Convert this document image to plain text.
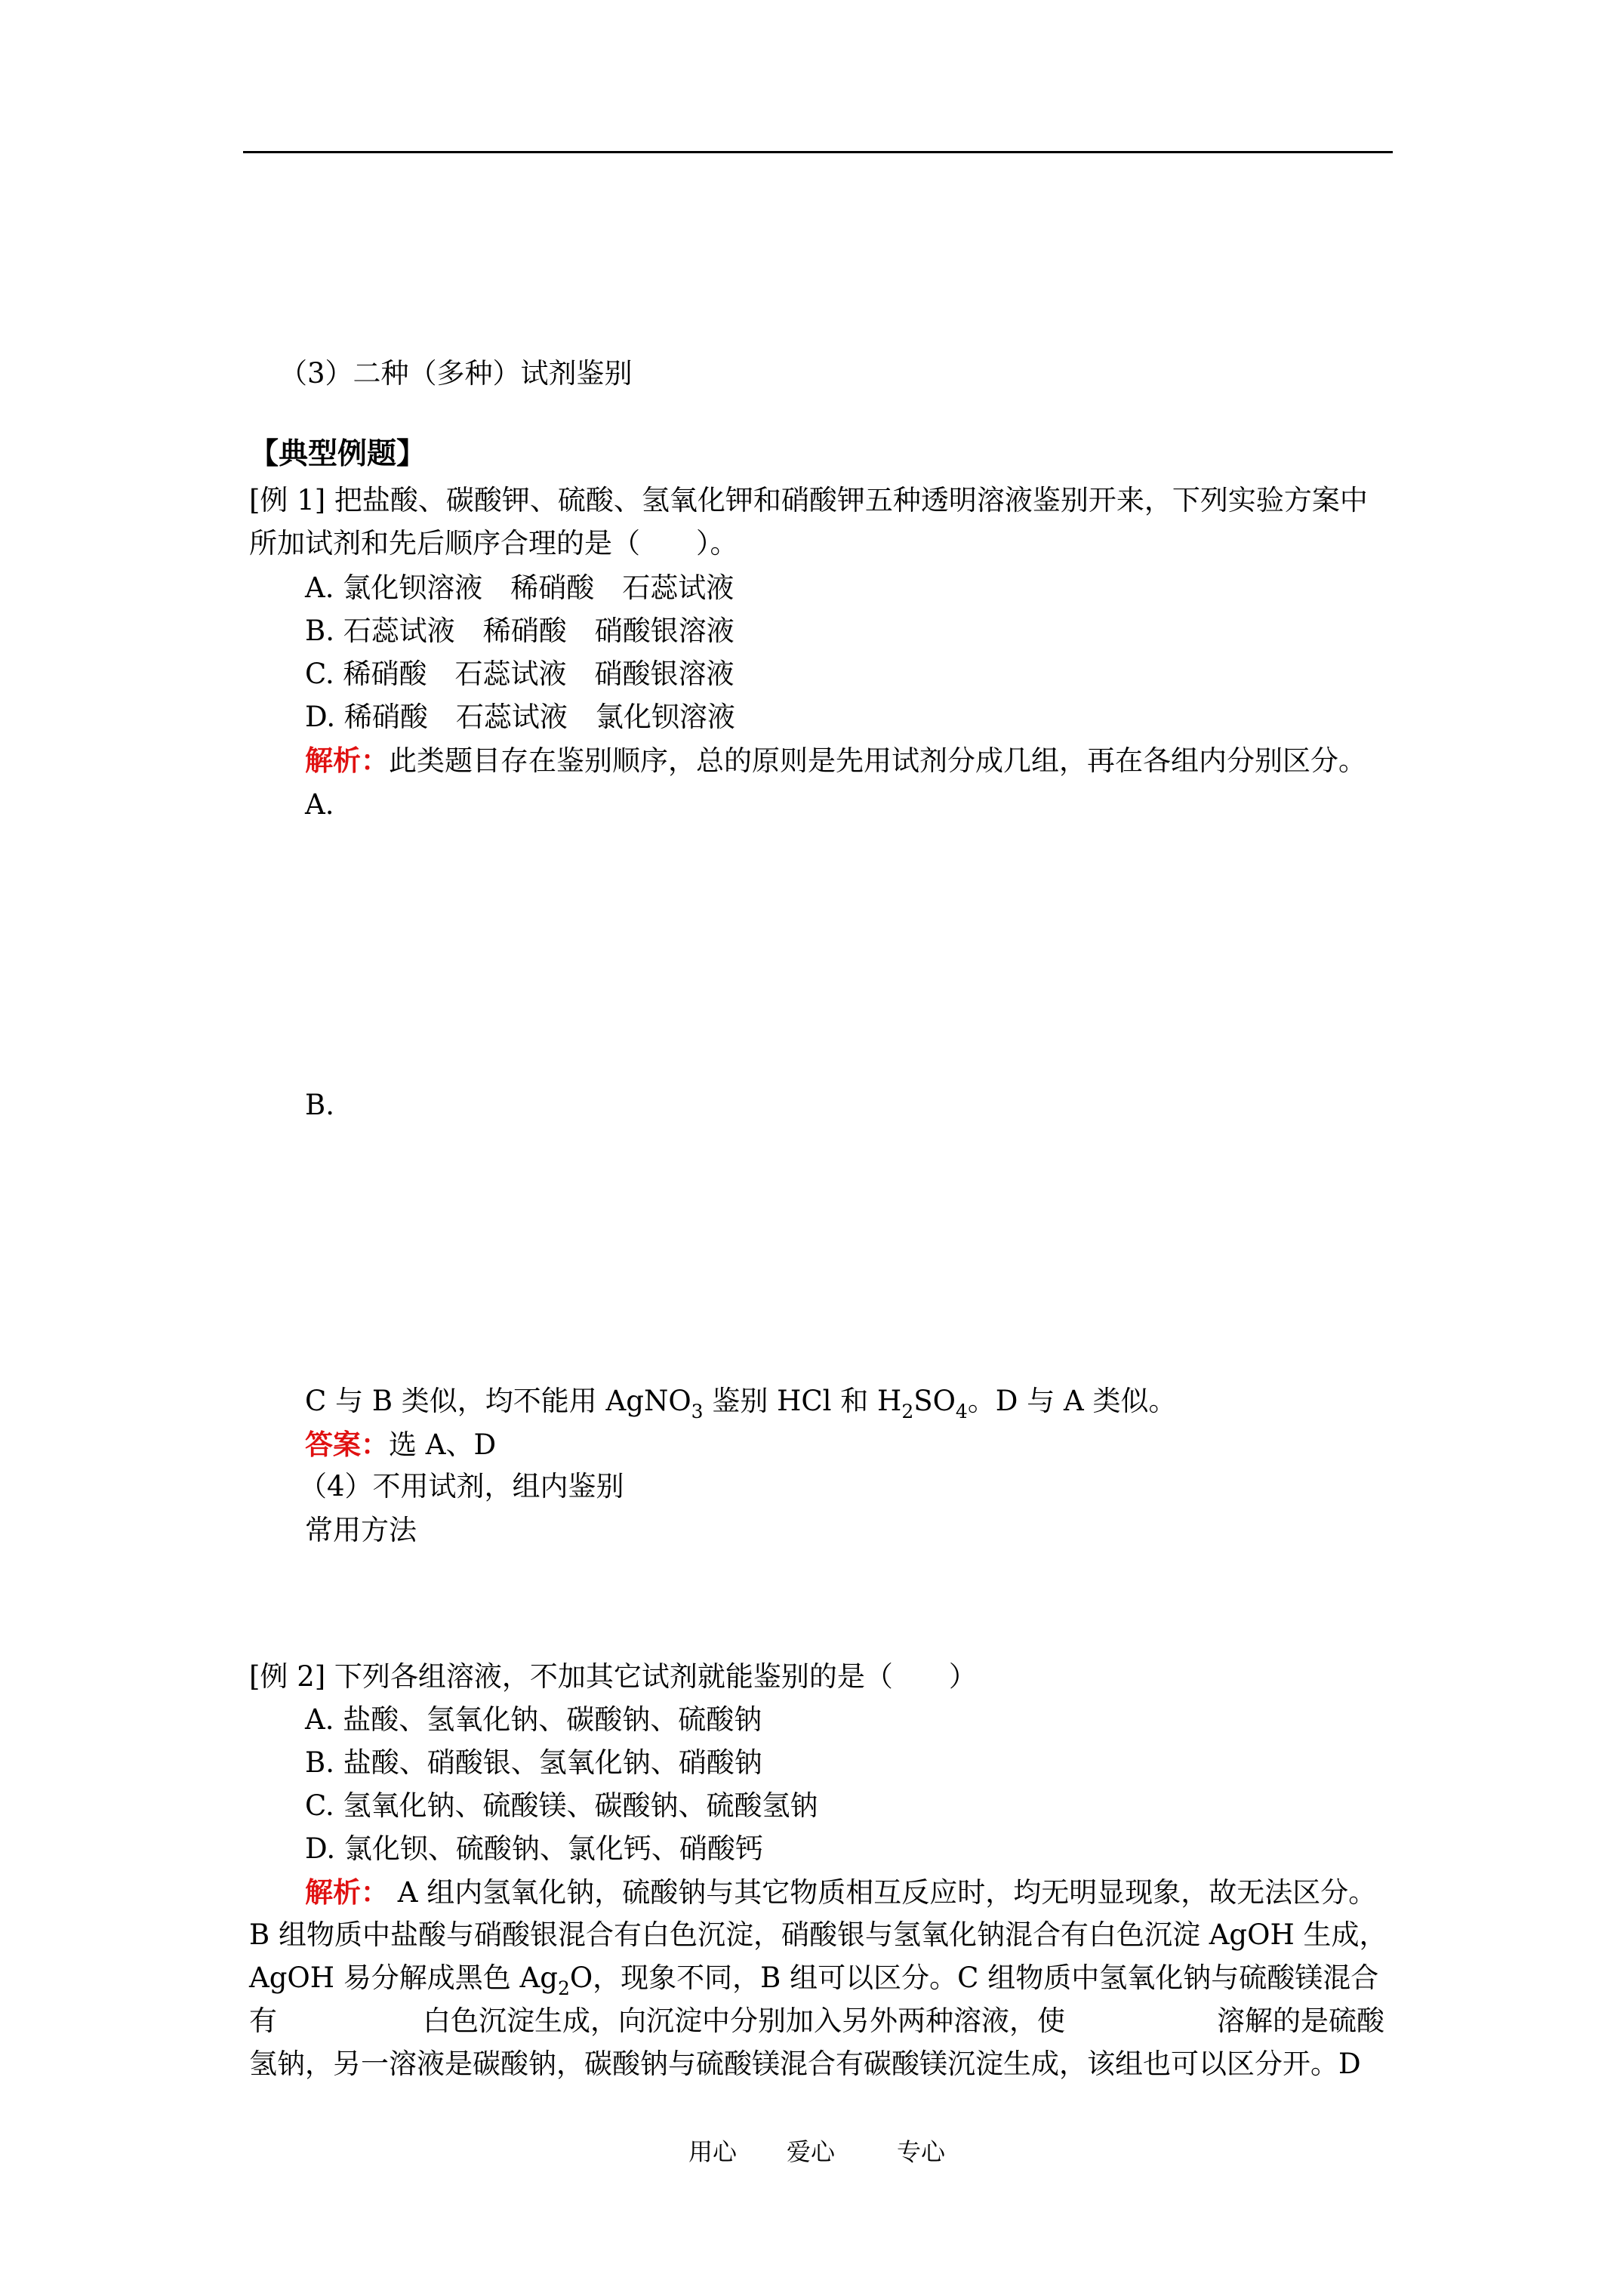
（3）二种（多种）试剂鉴别
【典型例题】
[例 1] 把盐酸、碳酸钾、硫酸、氢氧化钾和硝酸钾五种透明溶液鉴别开来，下列实验方案中
所加试剂和先后顺序合理的是（　　）。
A. 氯化钡溶液　稀硝酸　石蕊试液
B. 石蕊试液　稀硝酸　硝酸银溶液
C. 稀硝酸　石蕊试液　硝酸银溶液
D. 稀硝酸　石蕊试液　氯化钡溶液
解析：此类题目存在鉴别顺序，总的原则是先用试剂分成几组，再在各组内分别区分。
A.
B.
C 与 B 类似，均不能用 AgNO$_3$ 鉴别 HCl 和 $H_2SO_4$。D 与 A 类似。
答案：选 A、D
（4）不用试剂，组内鉴别
常用方法
[例 2] 下列各组溶液，不加其它试剂就能鉴别的是（　　）
A. 盐酸、氢氧化钠、碳酸钠、硫酸钠
B. 盐酸、硝酸银、氢氧化钠、硝酸钠
C. 氢氧化钠、硫酸镁、碳酸钠、硫酸氢钠
D. 氯化钡、硫酸钠、氯化钙、硝酸钙
解析： A 组内氢氧化钠，硫酸钠与其它物质相互反应时，均无明显现象，故无法区分。
B 组物质中盐酸与硝酸银混合有白色沉淀，硝酸银与氢氧化钠混合有白色沉淀 AgOH 生成，
AgOH 易分解成黑色 $Ag_2O$，现象不同，B 组可以区分。C 组物质中氢氧化钠与硫酸镁混合
有	白色沉淀生成，向沉淀中分别加入另外两种溶液，使	溶解的是硫酸
氢钠，另一溶液是碳酸钠，碳酸钠与硫酸镁混合有碳酸镁沉淀生成，该组也可以区分开。D
用心 爱心	专心
